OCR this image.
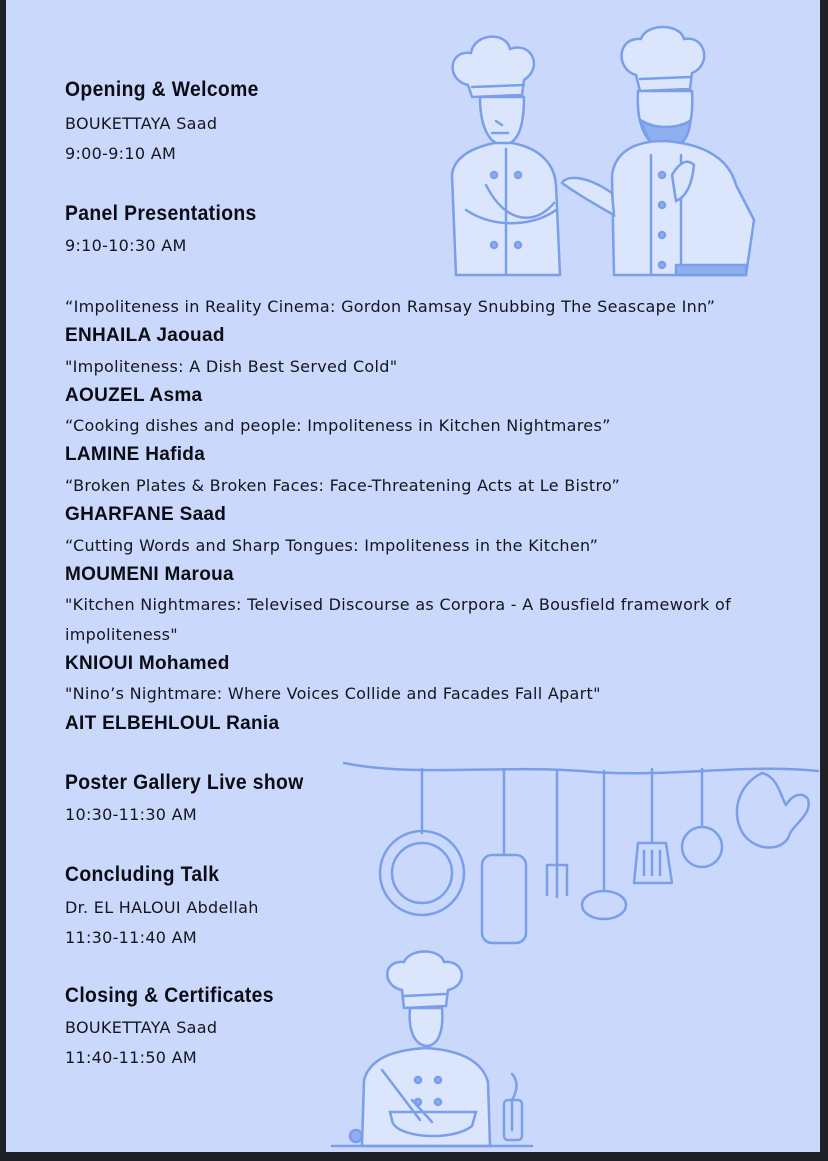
Opening & Welcome

BOUKETTAYA Saad

9:00-9:10 AM

Panel Presentations

9:10-10:30 AM

“Impoliteness in Reality Cinema: Gordon Ramsay Snubbing The Seascape Inn”

ENHAILA Jaouad

"Impoliteness: A Dish Best Served Cold"

AOUZEL Asma

“Cooking dishes and people: Impoliteness in Kitchen Nightmares”

LAMINE Hafida

“Broken Plates & Broken Faces: Face-Threatening Acts at Le Bistro”

GHARFANE Saad

“Cutting Words and Sharp Tongues: Impoliteness in the Kitchen”

MOUMENI Maroua

"Kitchen Nightmares: Televised Discourse as Corpora - A Bousfield framework of impoliteness"

KNIOUI Mohamed

"Nino’s Nightmare: Where Voices Collide and Facades Fall Apart"

AIT ELBEHLOUL Rania

Poster Gallery Live show

10:30-11:30 AM

Concluding Talk

Dr. EL HALOUI Abdellah

11:30-11:40 AM

Closing & Certificates

BOUKETTAYA Saad

11:40-11:50 AM
